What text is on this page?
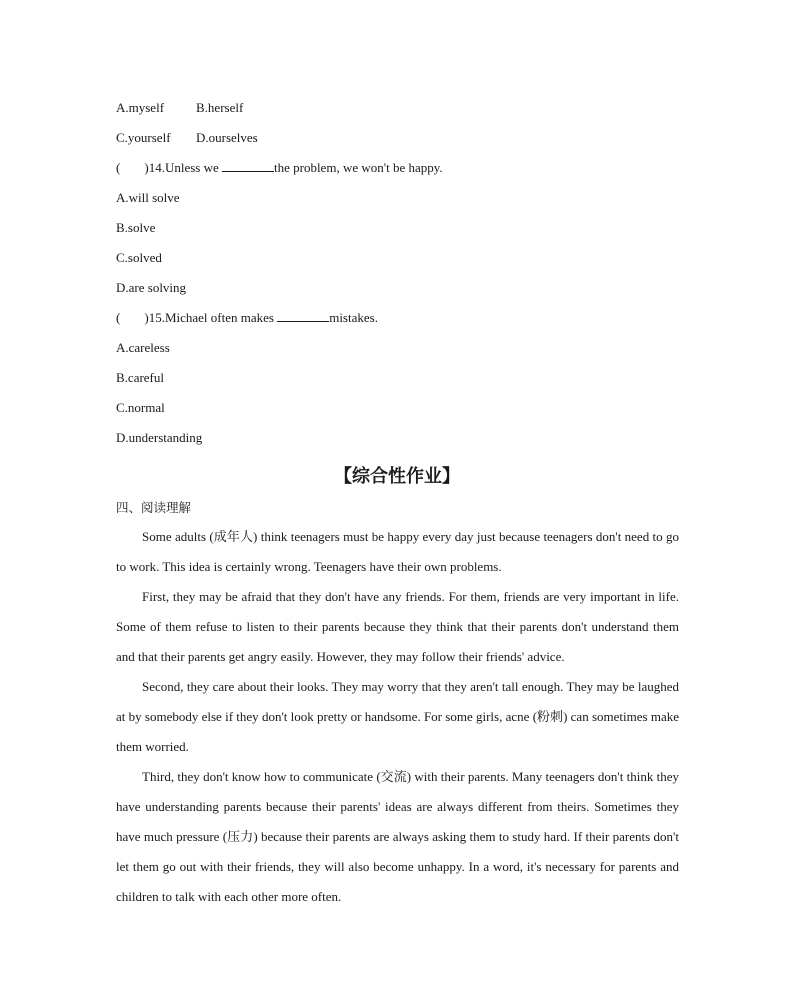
A.myself B.herself
C.yourself D.ourselves
( )14.Unless we	the problem, we won't be happy.
A.will solve
B.solve
C.solved
D.are solving
( )15.Michael often makes	mistakes.
A.careless
B.careful
C.normal
D.understanding
【综合性作业】
四、阅读理解
Some adults (成年人) think teenagers must be happy every day just because teenagers don't need to go to work. This idea is certainly wrong. Teenagers have their own problems.
First, they may be afraid that they don't have any friends. For them, friends are very important in life. Some of them refuse to listen to their parents because they think that their parents don't understand them and that their parents get angry easily. However, they may follow their friends' advice.
Second, they care about their looks. They may worry that they aren't tall enough. They may be laughed at by somebody else if they don't look pretty or handsome. For some girls, acne (粉刺) can sometimes make them worried.
Third, they don't know how to communicate (交流) with their parents. Many teenagers don't think they have understanding parents because their parents' ideas are always different from theirs. Sometimes they have much pressure (压力) because their parents are always asking them to study hard. If their parents don't let them go out with their friends, they will also become unhappy. In a word, it's necessary for parents and children to talk with each other more often.
